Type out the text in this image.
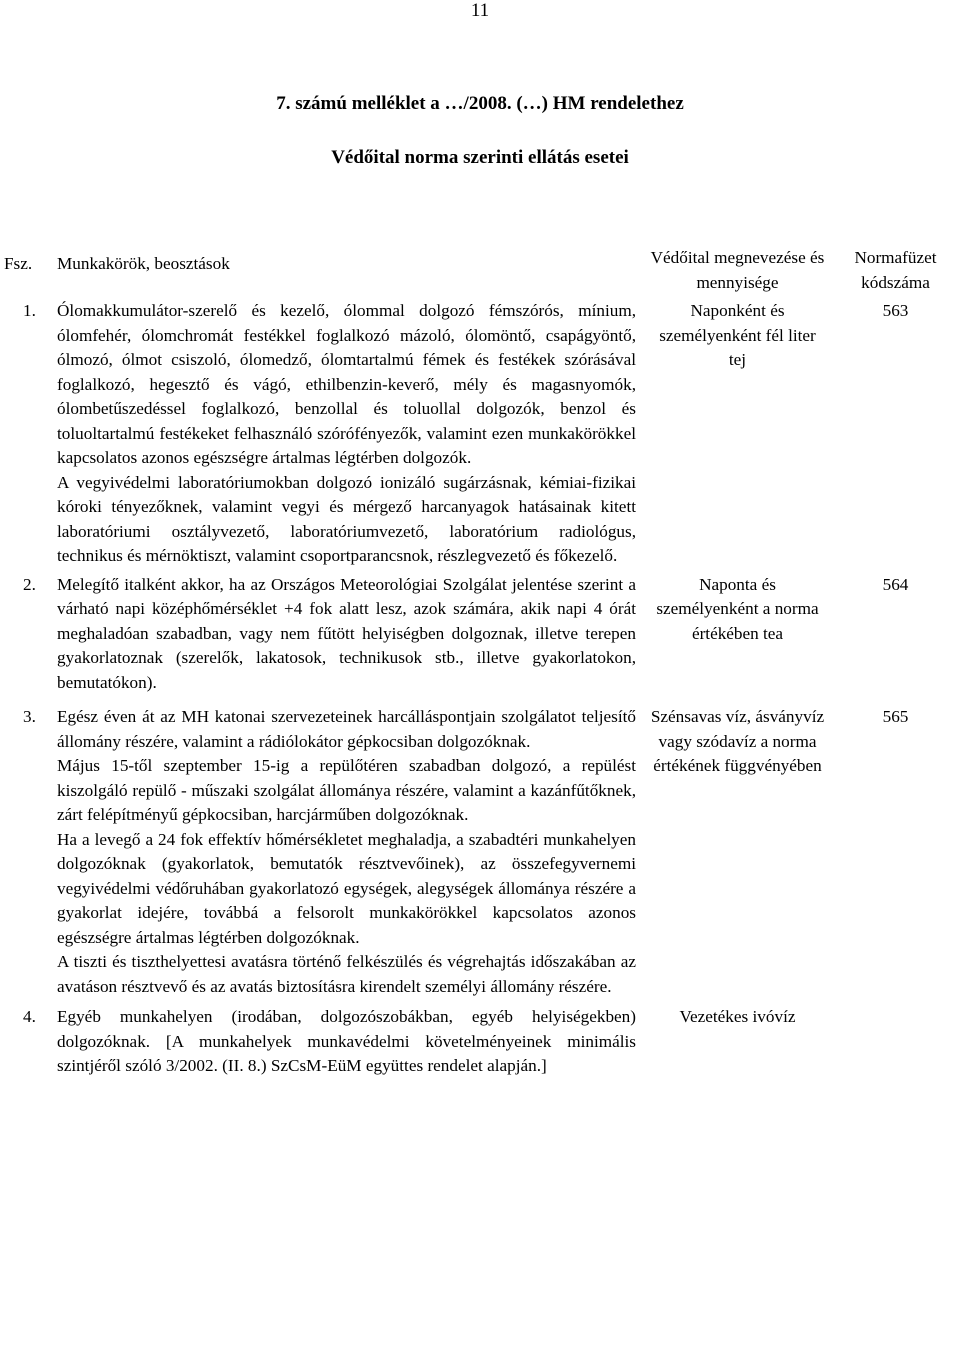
11
7. számú melléklet a …/2008. (…) HM rendelethez
Védőital norma szerinti ellátás esetei
Fsz.	Munkakörök, beosztások	Védőital megnevezése és mennyisége	Normafüzet kódszáma
1.	Ólomakkumulátor-szerelő és kezelő, ólommal dolgozó fémszórós, mínium, ólomfehér, ólomchromát festékkel foglalkozó mázoló, ólomöntő, csapágyöntő, ólmozó, ólmot csiszoló, ólomedző, ólomtartalmú fémek és festékek szórásával foglalkozó, hegesztő és vágó, ethilbenzin-keverő, mély és magasnyomók, ólombetűszedéssel foglalkozó, benzollal és toluollal dolgozók, benzol és toluoltartalmú festékeket felhasználó szórófényezők, valamint ezen munkakörökkel kapcsolatos azonos egészségre ártalmas légtérben dolgozók.

A vegyivédelmi laboratóriumokban dolgozó ionizáló sugárzásnak, kémiai-fizikai kóroki tényezőknek, valamint vegyi és mérgező harcanyagok hatásainak kitett laboratóriumi osztályvezető, laboratóriumvezető, laboratórium radiológus, technikus és mérnöktiszt, valamint csoportparancsnok, részlegvezető és főkezelő.	Naponként és személyenként fél liter tej	563
2.	Melegítő italként akkor, ha az Országos Meteorológiai Szolgálat jelentése szerint a várható napi középhőmérséklet +4 fok alatt lesz, azok számára, akik napi 4 órát meghaladóan szabadban, vagy nem fűtött helyiségben dolgoznak, illetve terepen gyakorlatoznak (szerelők, lakatosok, technikusok stb., illetve gyakorlatokon, bemutatókon).	Naponta és személyenként a norma értékében tea	564
3.	Egész éven át az MH katonai szervezeteinek harcálláspontjain szolgálatot teljesítő állomány részére, valamint a rádiólokátor gépkocsiban dolgozóknak.

Május 15-től szeptember 15-ig a repülőtéren szabadban dolgozó, a repülést kiszolgáló repülő - műszaki szolgálat állománya részére, valamint a kazánfűtőknek, zárt felépítményű gépkocsiban, harcjárműben dolgozóknak.

Ha a levegő a 24 fok effektív hőmérsékletet meghaladja, a szabadtéri munkahelyen dolgozóknak (gyakorlatok, bemutatók résztvevőinek), az összefegyvernemi vegyivédelmi védőruhában gyakorlatozó egységek, alegységek állománya részére a gyakorlat idejére, továbbá a felsorolt munkakörökkel kapcsolatos azonos egészségre ártalmas légtérben dolgozóknak.

A tiszti és tiszthelyettesi avatásra történő felkészülés és végrehajtás időszakában az avatáson résztvevő és az avatás biztosításra kirendelt személyi állomány részére.	Szénsavas víz, ásványvíz vagy szódavíz a norma értékének függvényében	565
4.	Egyéb munkahelyen (irodában, dolgozószobákban, egyéb helyiségekben) dolgozóknak. [A munkahelyek munkavédelmi követelményeinek minimális szintjéről szóló 3/2002. (II. 8.) SzCsM-EüM együttes rendelet alapján.]	Vezetékes ivóvíz	
